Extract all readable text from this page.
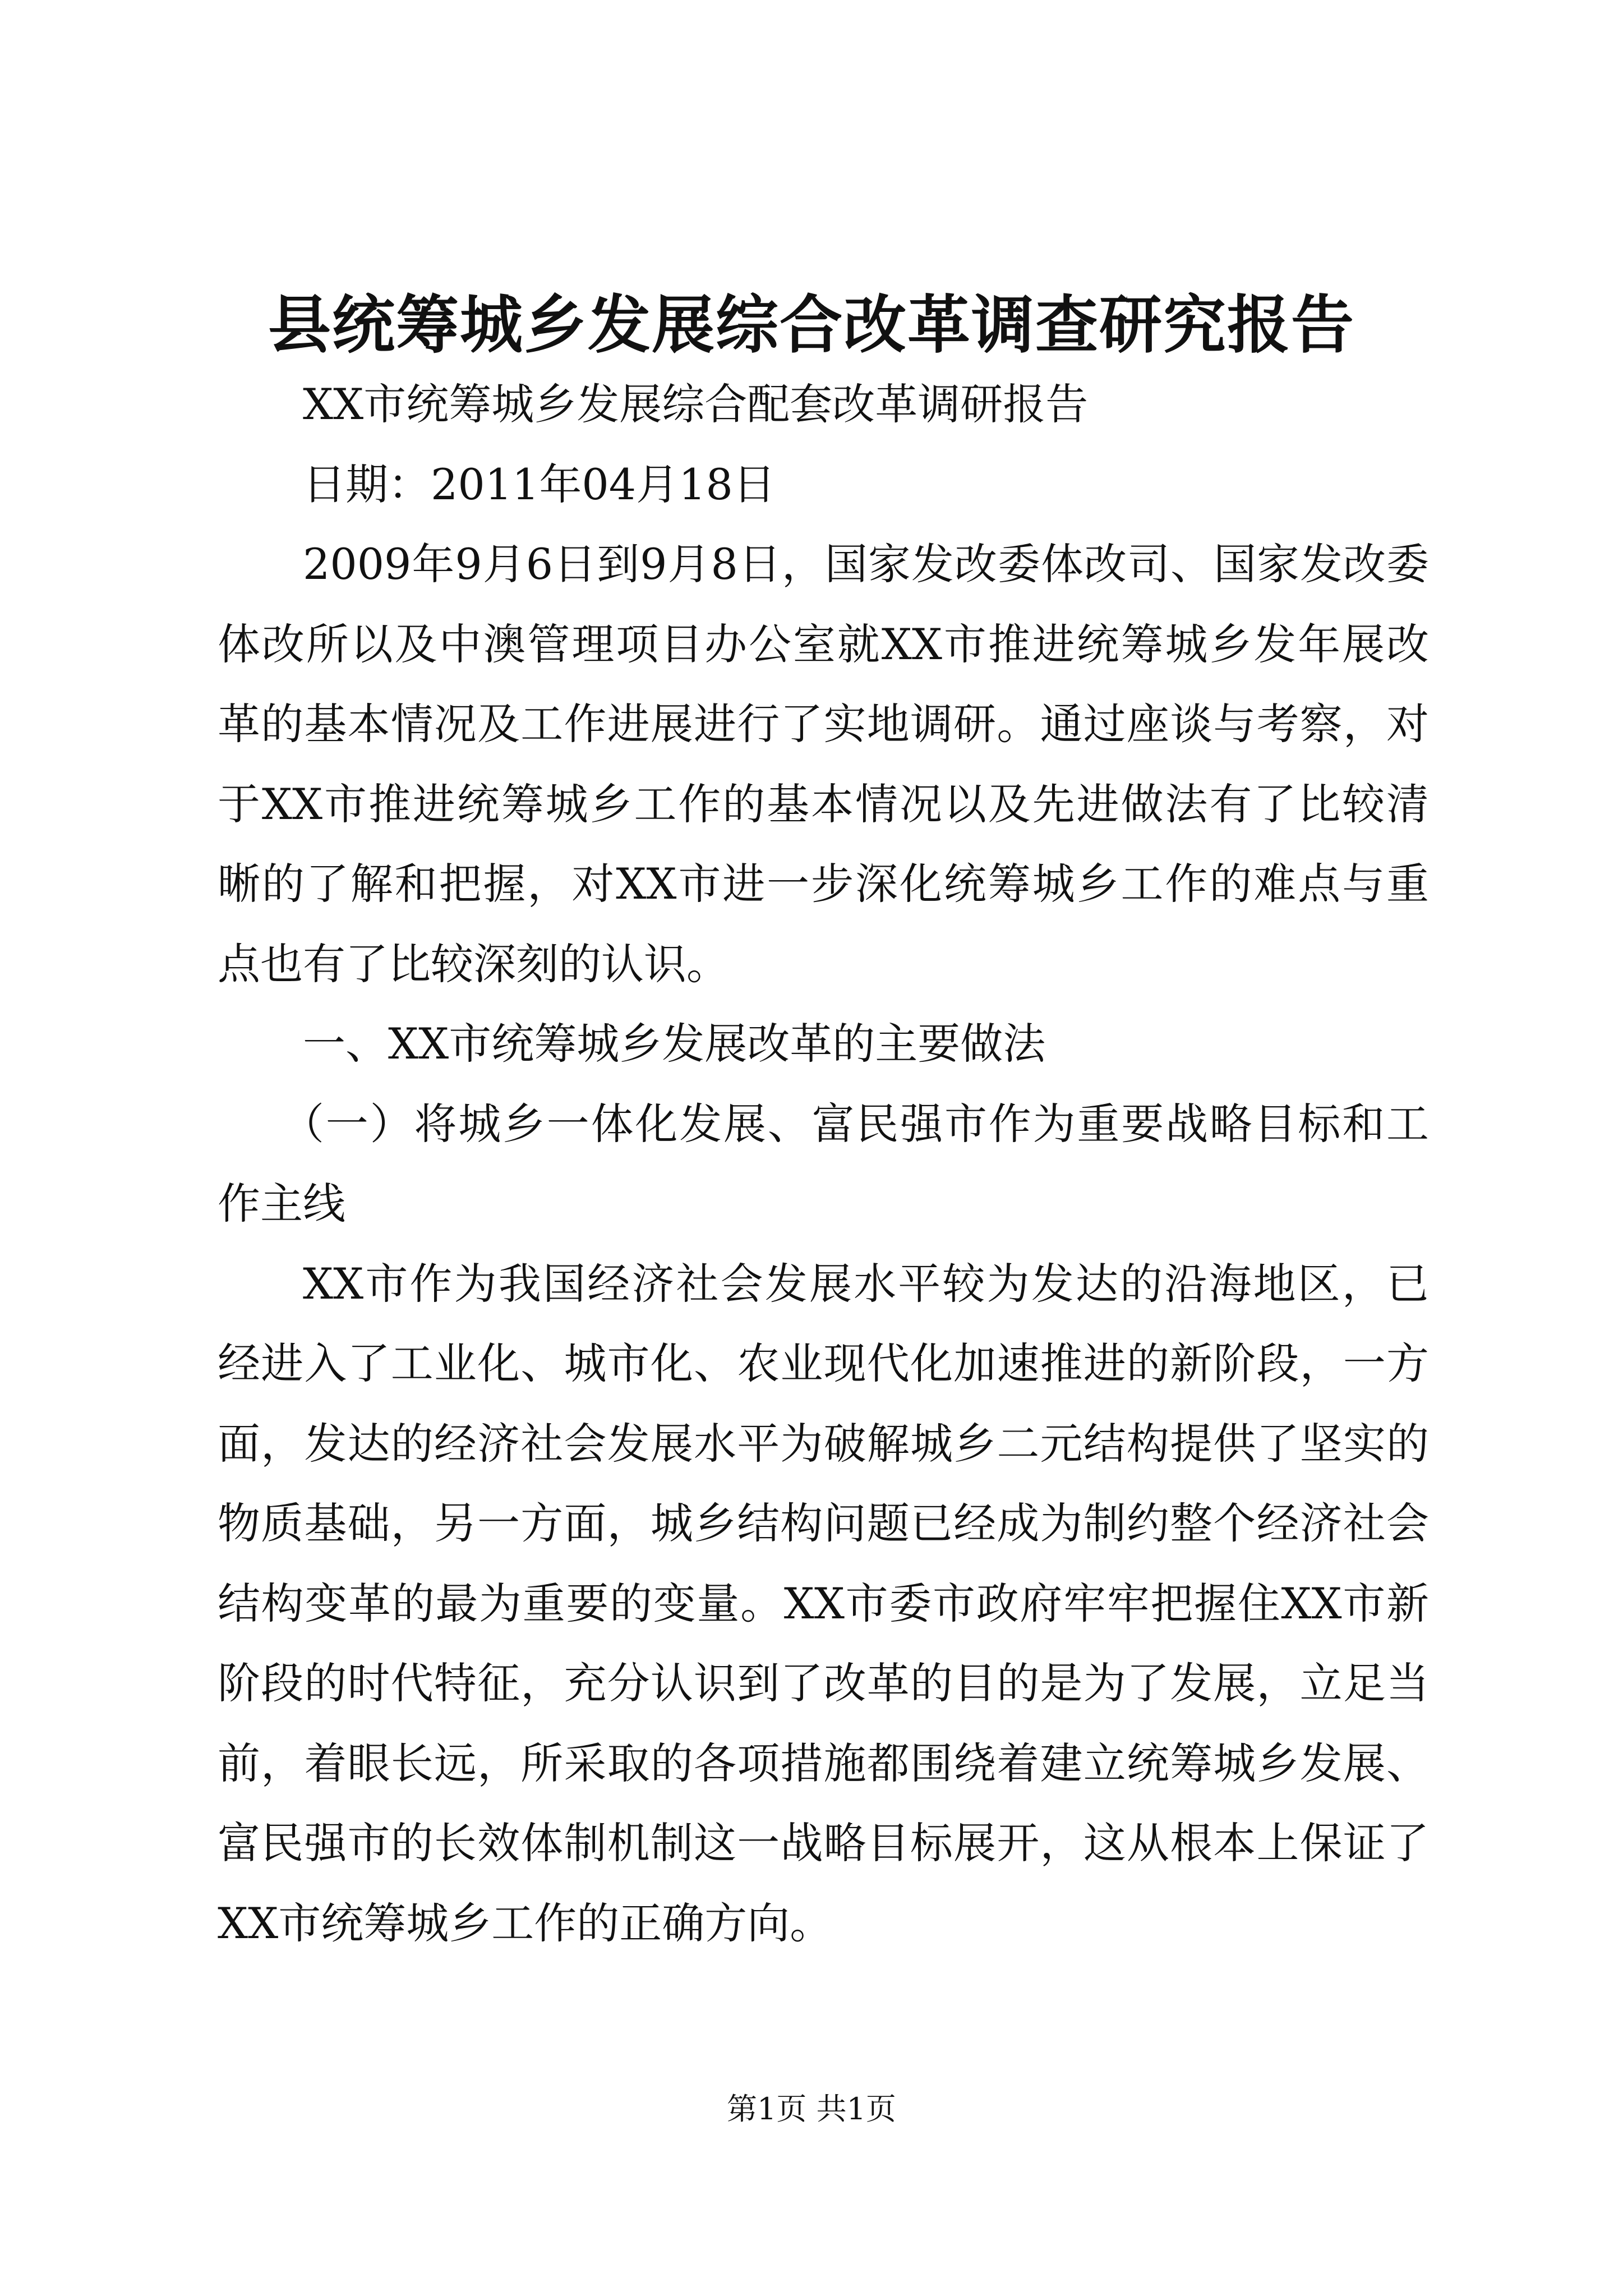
县统筹城乡发展综合改革调查研究报告

XX市统筹城乡发展综合配套改革调研报告

日期：2011年04月18日

2009年9月6日到9月8日，国家发改委体改司、国家发改委体改所以及中澳管理项目办公室就XX市推进统筹城乡发年展改革的基本情况及工作进展进行了实地调研。通过座谈与考察，对于XX市推进统筹城乡工作的基本情况以及先进做法有了比较清晰的了解和把握，对XX市进一步深化统筹城乡工作的难点与重点也有了比较深刻的认识。

一、XX市统筹城乡发展改革的主要做法

（一）将城乡一体化发展、富民强市作为重要战略目标和工作主线

XX市作为我国经济社会发展水平较为发达的沿海地区，已经进入了工业化、城市化、农业现代化加速推进的新阶段，一方面，发达的经济社会发展水平为破解城乡二元结构提供了坚实的物质基础，另一方面，城乡结构问题已经成为制约整个经济社会结构变革的最为重要的变量。XX市委市政府牢牢把握住XX市新阶段的时代特征，充分认识到了改革的目的是为了发展，立足当前，着眼长远，所采取的各项措施都围绕着建立统筹城乡发展、富民强市的长效体制机制这一战略目标展开，这从根本上保证了XX市统筹城乡工作的正确方向。

第1页 共1页
